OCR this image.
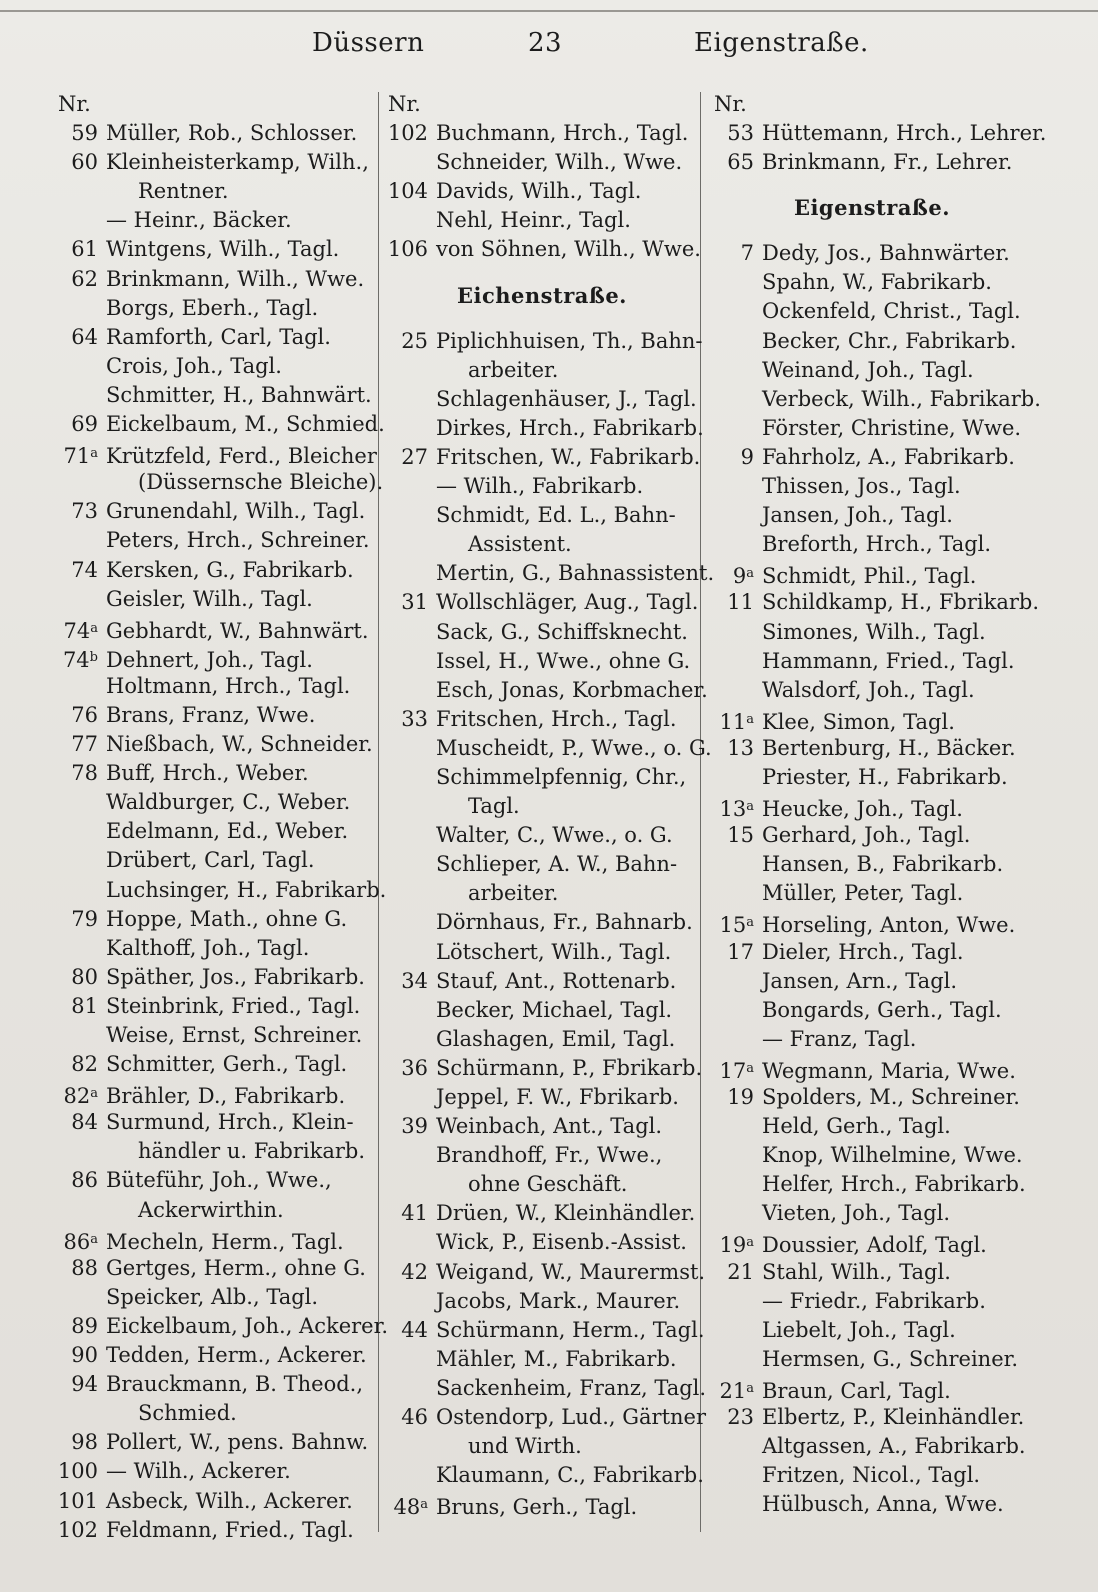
Düssern	23	Eigenstraße.
Nr.
59 Müller, Rob., Schlosser.
60 Kleinheisterkamp, Wilh.,
Rentner.
— Heinr., Bäcker.
61 Wintgens, Wilh., Tagl.
62 Brinkmann, Wilh., Wwe.
Borgs, Eberh., Tagl.
64 Ramforth, Carl, Tagl.
Crois, Joh., Tagl.
Schmitter, H., Bahnwärt.
69 Eickelbaum, M., Schmied.
71$^a$ Krützfeld, Ferd., Bleicher
(Düssernsche Bleiche).
73 Grunendahl, Wilh., Tagl.
Peters, Hrch., Schreiner.
74 Kersken, G., Fabrikarb.
Geisler, Wilh., Tagl.
74$^a$ Gebhardt, W., Bahnwärt.
74$^b$ Dehnert, Joh., Tagl.
Holtmann, Hrch., Tagl.
76 Brans, Franz, Wwe.
77 Nießbach, W., Schneider.
78 Buff, Hrch., Weber.
Waldburger, C., Weber.
Edelmann, Ed., Weber.
Drübert, Carl, Tagl.
Luchsinger, H., Fabrikarb.
79 Hoppe, Math., ohne G.
Kalthoff, Joh., Tagl.
80 Späther, Jos., Fabrikarb.
81 Steinbrink, Fried., Tagl.
Weise, Ernst, Schreiner.
82 Schmitter, Gerh., Tagl.
82$^a$ Brähler, D., Fabrikarb.
84 Surmund, Hrch., Klein-
händler u. Fabrikarb.
86 Büteführ, Joh., Wwe.,
Ackerwirthin.
86$^a$ Mecheln, Herm., Tagl.
88 Gertges, Herm., ohne G.
Speicker, Alb., Tagl.
89 Eickelbaum, Joh., Ackerer.
90 Tedden, Herm., Ackerer.
94 Brauckmann, B. Theod.,
Schmied.
98 Pollert, W., pens. Bahnw.
100 — Wilh., Ackerer.
101 Asbeck, Wilh., Ackerer.
102 Feldmann, Fried., Tagl.
Nr.
102 Buchmann, Hrch., Tagl.
Schneider, Wilh., Wwe.
104 Davids, Wilh., Tagl.
Nehl, Heinr., Tagl.
106 von Söhnen, Wilh., Wwe.
Eichenstraße.
25 Piplichhuisen, Th., Bahn-
arbeiter.
Schlagenhäuser, J., Tagl.
Dirkes, Hrch., Fabrikarb.
27 Fritschen, W., Fabrikarb.
— Wilh., Fabrikarb.
Schmidt, Ed. L., Bahn-
Assistent.
Mertin, G., Bahnassistent.
31 Wollschläger, Aug., Tagl.
Sack, G., Schiffsknecht.
Issel, H., Wwe., ohne G.
Esch, Jonas, Korbmacher.
33 Fritschen, Hrch., Tagl.
Muscheidt, P., Wwe., o. G.
Schimmelpfennig, Chr.,
Tagl.
Walter, C., Wwe., o. G.
Schlieper, A. W., Bahn-
arbeiter.
Dörnhaus, Fr., Bahnarb.
Lötschert, Wilh., Tagl.
34 Stauf, Ant., Rottenarb.
Becker, Michael, Tagl.
Glashagen, Emil, Tagl.
36 Schürmann, P., Fbrikarb.
Jeppel, F. W., Fbrikarb.
39 Weinbach, Ant., Tagl.
Brandhoff, Fr., Wwe.,
ohne Geschäft.
41 Drüen, W., Kleinhändler.
Wick, P., Eisenb.-Assist.
42 Weigand, W., Maurermst.
Jacobs, Mark., Maurer.
44 Schürmann, Herm., Tagl.
Mähler, M., Fabrikarb.
Sackenheim, Franz, Tagl.
46 Ostendorp, Lud., Gärtner
und Wirth.
Klaumann, C., Fabrikarb.
48$^a$ Bruns, Gerh., Tagl.
Nr.
53 Hüttemann, Hrch., Lehrer.
65 Brinkmann, Fr., Lehrer.
Eigenstraße.
7 Dedy, Jos., Bahnwärter.
Spahn, W., Fabrikarb.
Ockenfeld, Christ., Tagl.
Becker, Chr., Fabrikarb.
Weinand, Joh., Tagl.
Verbeck, Wilh., Fabrikarb.
Förster, Christine, Wwe.
9 Fahrholz, A., Fabrikarb.
Thissen, Jos., Tagl.
Jansen, Joh., Tagl.
Breforth, Hrch., Tagl.
9$^a$ Schmidt, Phil., Tagl.
11 Schildkamp, H., Fbrikarb.
Simones, Wilh., Tagl.
Hammann, Fried., Tagl.
Walsdorf, Joh., Tagl.
11$^a$ Klee, Simon, Tagl.
13 Bertenburg, H., Bäcker.
Priester, H., Fabrikarb.
13$^a$ Heucke, Joh., Tagl.
15 Gerhard, Joh., Tagl.
Hansen, B., Fabrikarb.
Müller, Peter, Tagl.
15$^a$ Horseling, Anton, Wwe.
17 Dieler, Hrch., Tagl.
Jansen, Arn., Tagl.
Bongards, Gerh., Tagl.
— Franz, Tagl.
17$^a$ Wegmann, Maria, Wwe.
19 Spolders, M., Schreiner.
Held, Gerh., Tagl.
Knop, Wilhelmine, Wwe.
Helfer, Hrch., Fabrikarb.
Vieten, Joh., Tagl.
19$^a$ Doussier, Adolf, Tagl.
21 Stahl, Wilh., Tagl.
— Friedr., Fabrikarb.
Liebelt, Joh., Tagl.
Hermsen, G., Schreiner.
21$^a$ Braun, Carl, Tagl.
23 Elbertz, P., Kleinhändler.
Altgassen, A., Fabrikarb.
Fritzen, Nicol., Tagl.
Hülbusch, Anna, Wwe.
